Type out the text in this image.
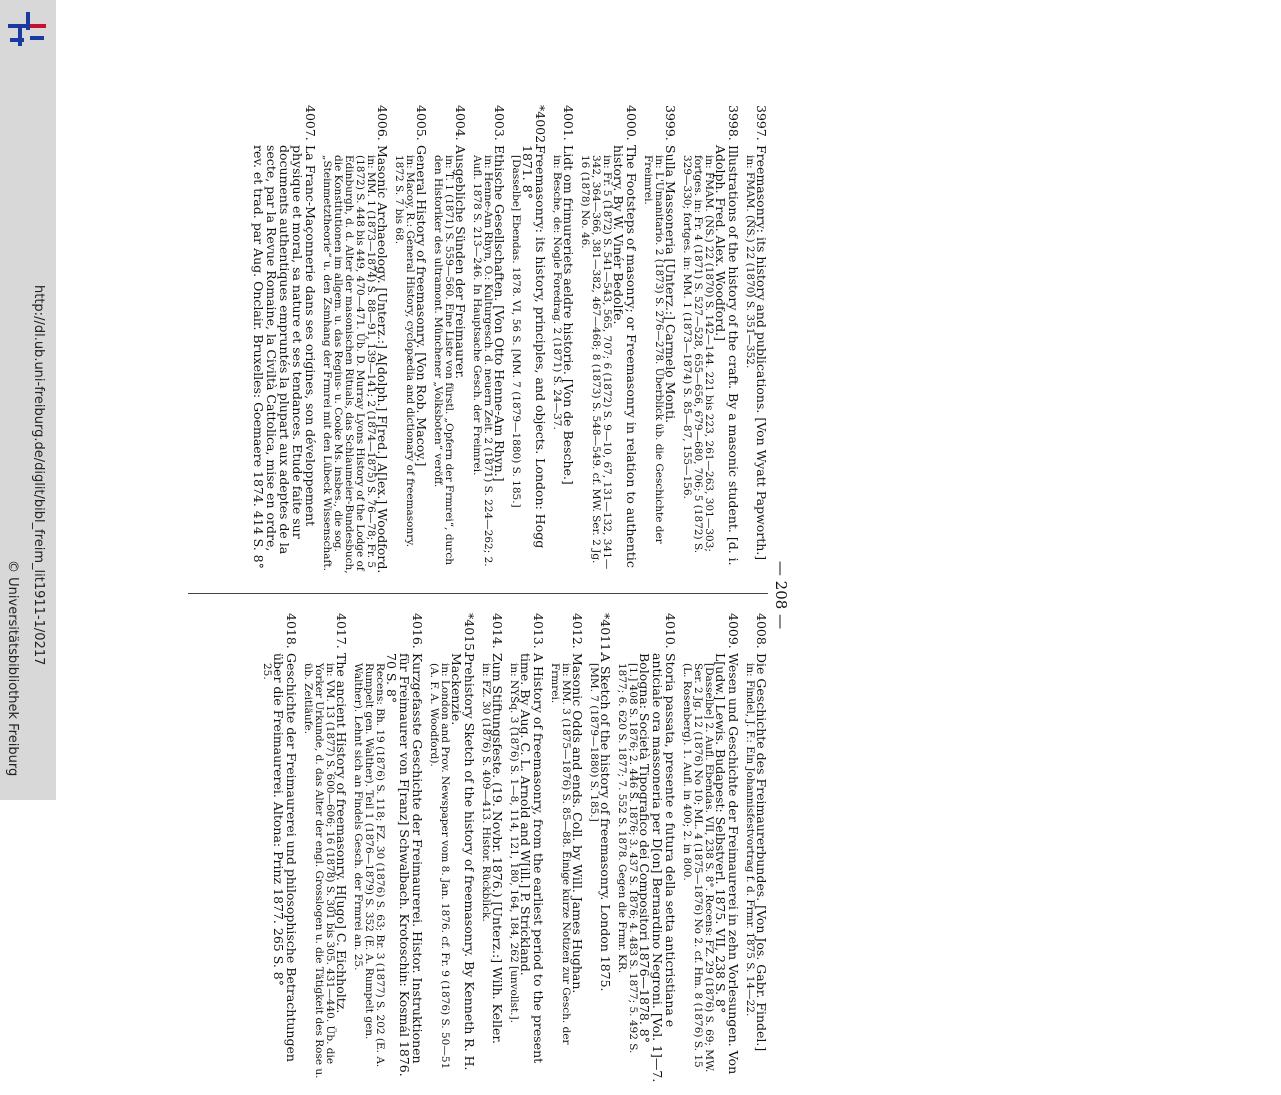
http://dl.ub.uni-freiburg.de/diglit/bibl_freim_lit1911-1/0217
© Universitätsbibliothek Freiburg	— 208 —
3997.
Freemasonry: its history and publications. [Von Wyatt Papworth.]
in: FMAM. (NS.) 22 (1870) S. 351—352.
3998.
Illustrations of the history of the craft. By a masonic student. [d. i. Adolph. Fred. Alex. Woodford.]
in: FMAM. (NS.) 22 (1870) S. 142—144. 221 bis 223, 261—263, 301—303; fortges. in: Fr. 4 (1871) S. 527—528, 655—656, 679—680, 706; 5 (1872) S. 329—330; fortges. in: MM. 1 (1873—1874) S. 85—87, 155—156.
3999.
Sulla Massoneria [Unterz.:] Carmelo Monti.
in: L'Umanitario. 2 (1873) S. 276—278. Überblick üb. die Geschichte der Freimrei.
4000.
The Footsteps of masonry; or Freemasonry in relation to authentic history. By W. Vinér Bedolfe.
in: Fr. 5 (1872) S. 541—543, 565, 707; 6 (1872) S. 9—10, 67, 131—132, 341—342, 364—366, 381—382, 467—468; 8 (1873) S. 548—549. cf. MW. Ser. 2 Jg. 16 (1878) No. 46.
4001.
Lidt om frimureriets aeldre historie. [Von de Besche.]
in: Besche, de: Nogle Foredrag. 2 (1871) S. 24—37.
*4002.
Freemasonry: its history, principles, and objects. London: Hogg 1871. 8°
[Dasselbe] Ebendas. 1878. VI, 56 S. [MM. 7 (1879—1880) S. 185.]
4003.
Ethische Gesellschaften. [Von Otto Henne-Am Rhyn.]
in: Henne-Am Rhyn, O.: Kulturgesch. d. neuern Zeit. 2 (1871) S. 224—262; 2. Aufl. 1878 S. 213—246. In Hauptsache Gesch. der Freimrei.
4004.
Ausgebliche Sünden der Freimaurer.
in: T. 1 (1871) S. 559—560. Eine Liste von fürstl. „Opfern der Frmrei“, durch den Historiker des ultramont. Münchener „Volksboten“ veröff.
4005.
General History of freemasonry. [Von Rob. Macoy.]
in: Macoy, R.: General History, cyclopædia and dictionary of freemasonry. 1872 S. 7 bis 68.
4006.
Masonic Archaeology. [Unterz.:] A[dolph.] F[red.] A[lex.] Woodford.
in: MM. 1 (1873—1874) S. 88—91, 139—141; 2 (1874—1875) S. 76—78; Fr. 5 (1872) S. 448 bis 449, 470—471. Üb. D. Murray Lyons History of the Lodge of Edinburgh, d. d. Alter der masonischen Rituals, das Schlaumeier-Bundesbuch, die Konstitutionen im allgem. u. das Regius- u. Cooke Ms. insbes., die sog. „Steinmetztheorie“ u. den Zsmhang der Frmrei mit den Lübeck Wissenschaft.
4007.
La Franc-Maçonnerie dans ses origines, son développement physique et moral, sa nature et ses tendances. Etude faite sur documents authentiques empruntés la plupart aux adeptes de la secte, par la Revue Romaine, la Civiltà Cattolica, mise en ordre, rev. et trad. par Aug. Onclair. Bruxelles: Goemaere 1874. 414 S. 8°
4008.
Die Geschichte des Freimaurerbundes. [Von Jos. Gabr. Findel.]
in: Findel, J. F.: Ein Johannisfestvortrag f. d. Frmr. 1875 S. 14—22.
4009.
Wesen und Geschichte der Freimaurerei in zehn Vorlesungen. Von L[udw.] Lewis. Budapest: Selbstverl. 1875. VII, 238 S. 8°
[Dasselbe] 2. Aufl. Ebendas. VII, 238 S. 8°. Recens: FZ. 29 (1876) S. 69; MW. Ser. 2 Jg. 12 (1876) No 10; ML. 4 (1875—1876) No 2. cf. Hm. 8 (1876) S. 15 (L. Rosenberg). 1. Aufl. in 400; 2. in 800.
4010.
Storia passata, presente e futura della setta anticristiana e anticiale ora massoneria per D[on] Bernardino Negroni. [Vol. 1]—7. Bologna: Società Tipografico dei Compositori 1876—1878. 8°
[1.] 408 S. 1876; 2. 446 S. 1876; 3. 437 S. 1876; 4. 483 S. 1877; 5. 492 S. 1877; 6. 620 S. 1877; 7. 552 S. 1878. Gegen die Frmr. KR.
*4011.
A Sketch of the history of freemasonry. London 1875.
[MM. 7 (1879—1880) S. 185.]
4012.
Masonic Odds and ends. Coll. by Will. James Hughan.
in: MM. 3 (1875—1876) S. 85—88. Einige kurze Notizen zur Gesch. der Frmrei.
4013.
A History of freemasonry, from the earliest period to the present time. By Aug. C. L. Arnold and W[ill.] P. Strickland.
in: NYSq. 3 (1876) S. 1—8, 114, 121, 180, 164, 184, 262 [unvollst.].
4014.
Zum Stiftungsfeste. (19. Novbr. 1876.) [Unterz.:] Wilh. Keller.
in: FZ. 30 (1876) S. 409—413. Histor. Rückblick.
*4015.
Prehistory Sketch of the history of freemasonry. By Kenneth R. H. Mackenzie.
in: London and Prov. Newspaper vom 8. Jan. 1876. cf. Fr. 9 (1876) S. 50—51 (A. F. A. Woodford).
4016.
Kurzgefasste Geschichte der Freimaurerei. Histor. Instruktionen für Freimaurer von F[ranz] Schwalbach. Krotoschin: Kosmál 1876. 70 S. 8°
Recens: Bh. 19 (1876) S. 118; FZ. 30 (1876) S. 63; Br. 3 (1877) S. 202 (E. A. Rumpelt gen. Walther). Teil 1 (1876—1879) S. 352 (E. A. Rumpelt gen. Walther). Lehnt sich an Findels Gesch. der Frmrei an. 25.
4017.
The ancient History of freemasonry. H[ugo] C. Eichholtz.
in: VM. 13 (1877) S. 600—606; 16 (1878) S. 301 bis 305. 431—440. Üb. die Yorker Urkunde, d. das Alter der engl. Grosslogen u. die Tätigkeit des Rose u. üb. Zeitläufe.
4018.
Geschichte der Freimaurerei und philosophische Betrachtungen über die Freimaurerei. Altona: Prinz 1877. 265 S. 8°
25.
